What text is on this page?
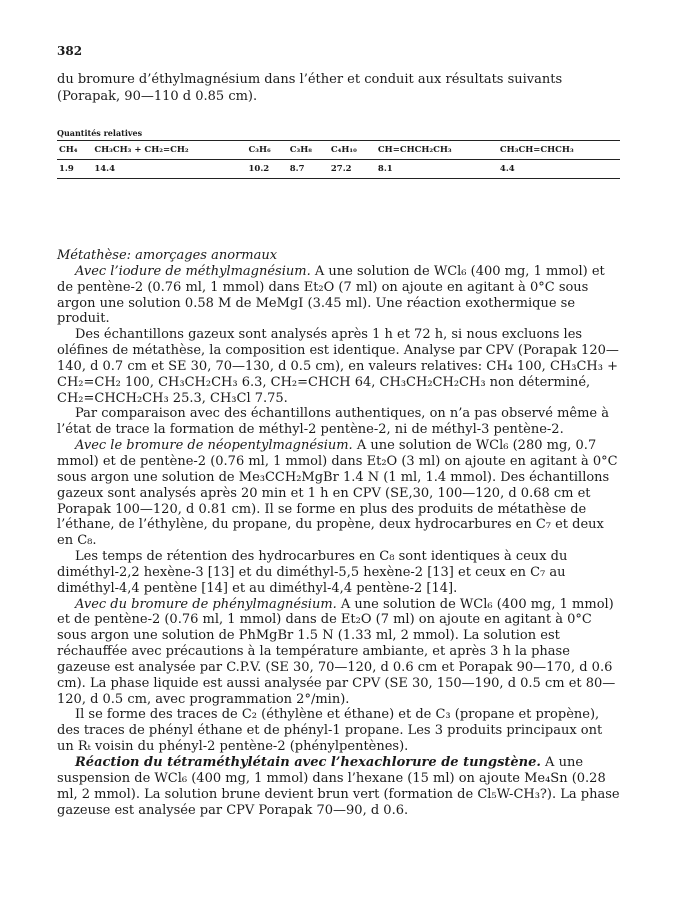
382
du bromure d’éthylmagnésium dans l’éther et conduit aux résultats suivants (Porapak, 90—110 d 0.85 cm).
Quantités relatives
CH₄	CH₃CH₃ + CH₂=CH₂	C₃H₆	C₃H₈	C₄H₁₀	CH=CHCH₂CH₃	CH₃CH=CHCH₃
1.9	14.4	10.2	8.7	27.2	8.1	4.4

Métathèse: amorçages anormaux

Avec l’iodure de méthylmagnésium. A une solution de WCl₆ (400 mg, 1 mmol) et de pentène-2 (0.76 ml, 1 mmol) dans Et₂O (7 ml) on ajoute en agitant à 0°C sous argon une solution 0.58 M de MeMgI (3.45 ml). Une réaction exothermique se produit.

Des échantillons gazeux sont analysés après 1 h et 72 h, si nous excluons les oléfines de métathèse, la composition est identique. Analyse par CPV (Porapak 120—140, d 0.7 cm et SE 30, 70—130, d 0.5 cm), en valeurs relatives: CH₄ 100, CH₃CH₃ + CH₂=CH₂ 100, CH₃CH₂CH₃ 6.3, CH₂=CHCH 64, CH₃CH₂CH₂CH₃ non déterminé, CH₂=CHCH₂CH₃ 25.3, CH₃Cl 7.75.

Par comparaison avec des échantillons authentiques, on n’a pas observé même à l’état de trace la formation de méthyl-2 pentène-2, ni de méthyl-3 pentène-2.

Avec le bromure de néopentylmagnésium. A une solution de WCl₆ (280 mg, 0.7 mmol) et de pentène-2 (0.76 ml, 1 mmol) dans Et₂O (3 ml) on ajoute en agitant à 0°C sous argon une solution de Me₃CCH₂MgBr 1.4 N (1 ml, 1.4 mmol). Des échantillons gazeux sont analysés après 20 min et 1 h en CPV (SE,30, 100—120, d 0.68 cm et Porapak 100—120, d 0.81 cm). Il se forme en plus des produits de métathèse de l’éthane, de l’éthylène, du propane, du propène, deux hydrocarbures en C₇ et deux en C₈.

Les temps de rétention des hydrocarbures en C₈ sont identiques à ceux du diméthyl-2,2 hexène-3 [13] et du diméthyl-5,5 hexène-2 [13] et ceux en C₇ au diméthyl-4,4 pentène [14] et au diméthyl-4,4 pentène-2 [14].

Avec du bromure de phénylmagnésium. A une solution de WCl₆ (400 mg, 1 mmol) et de pentène-2 (0.76 ml, 1 mmol) dans de Et₂O (7 ml) on ajoute en agitant à 0°C sous argon une solution de PhMgBr 1.5 N (1.33 ml, 2 mmol). La solution est réchauffée avec précautions à la température ambiante, et après 3 h la phase gazeuse est analysée par C.P.V. (SE 30, 70—120, d 0.6 cm et Porapak 90—170, d 0.6 cm). La phase liquide est aussi analysée par CPV (SE 30, 150—190, d 0.5 cm et 80—120, d 0.5 cm, avec programmation 2°/min).

Il se forme des traces de C₂ (éthylène et éthane) et de C₃ (propane et propène), des traces de phényl éthane et de phényl-1 propane. Les 3 produits principaux ont un Rₜ voisin du phényl-2 pentène-2 (phénylpentènes).

Réaction du tétraméthylétain avec l’hexachlorure de tungstène. A une suspension de WCl₆ (400 mg, 1 mmol) dans l’hexane (15 ml) on ajoute Me₄Sn (0.28 ml, 2 mmol). La solution brune devient brun vert (formation de Cl₅W-CH₃?). La phase gazeuse est analysée par CPV Porapak 70—90, d 0.6.
